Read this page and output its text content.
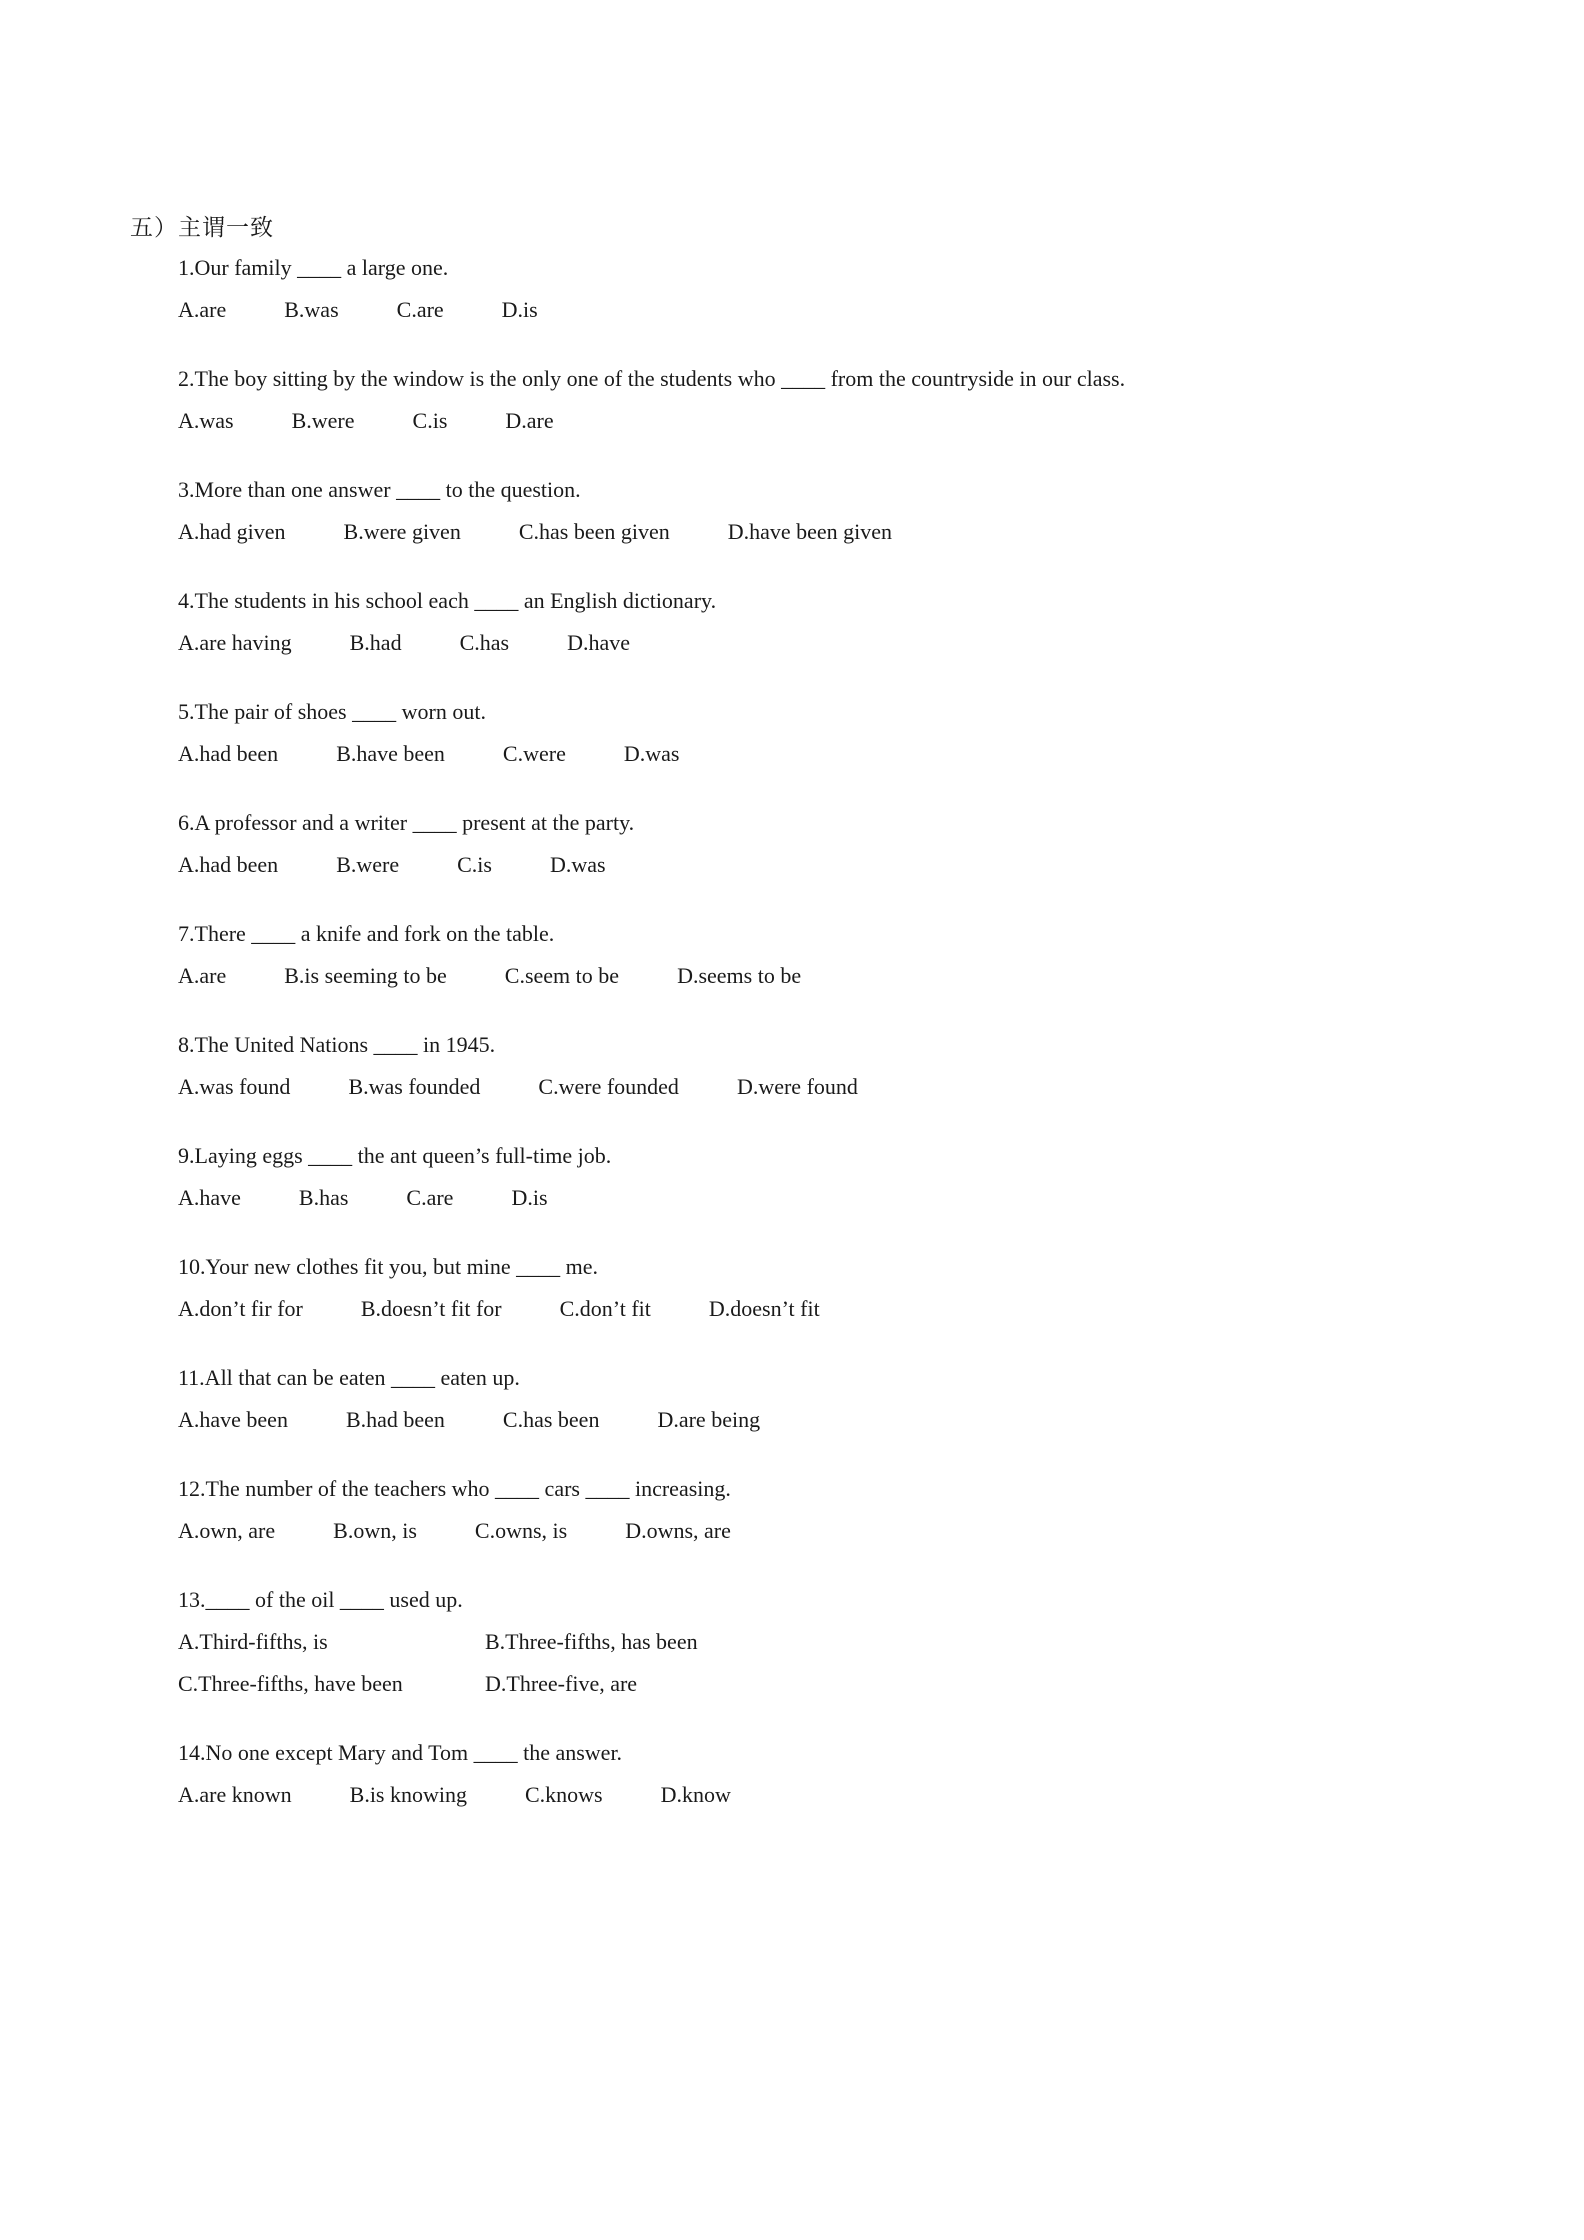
五）主谓一致
1.Our family ____ a large one.
A.are	B.was	C.are	D.is
2.The boy sitting by the window is the only one of the students who ____ from the countryside in our class.
A.was	B.were	C.is	D.are
3.More than one answer ____ to the question.
A.had given	B.were given	C.has been given	D.have been given
4.The students in his school each ____ an English dictionary.
A.are having	B.had	C.has	D.have
5.The pair of shoes ____ worn out.
A.had been	B.have been	C.were	D.was
6.A professor and a writer ____ present at the party.
A.had been	B.were	C.is	D.was
7.There ____ a knife and fork on the table.
A.are	B.is seeming to be	C.seem to be	D.seems to be
8.The United Nations ____ in 1945.
A.was found	B.was founded	C.were founded	D.were found
9.Laying eggs ____ the ant queen’s full-time job.
A.have	B.has	C.are	D.is
10.Your new clothes fit you, but mine ____ me.
A.don’t fir for	B.doesn’t fit for	C.don’t fit	D.doesn’t fit
11.All that can be eaten ____ eaten up.
A.have been	B.had been	C.has been	D.are being
12.The number of the teachers who ____ cars ____ increasing.
A.own, are	B.own, is	C.owns, is	D.owns, are
13.____ of the oil ____ used up.
A.Third-fifths, is	B.Three-fifths, has been
C.Three-fifths, have been	D.Three-five, are
14.No one except Mary and Tom ____ the answer.
A.are known	B.is knowing	C.knows	D.know
